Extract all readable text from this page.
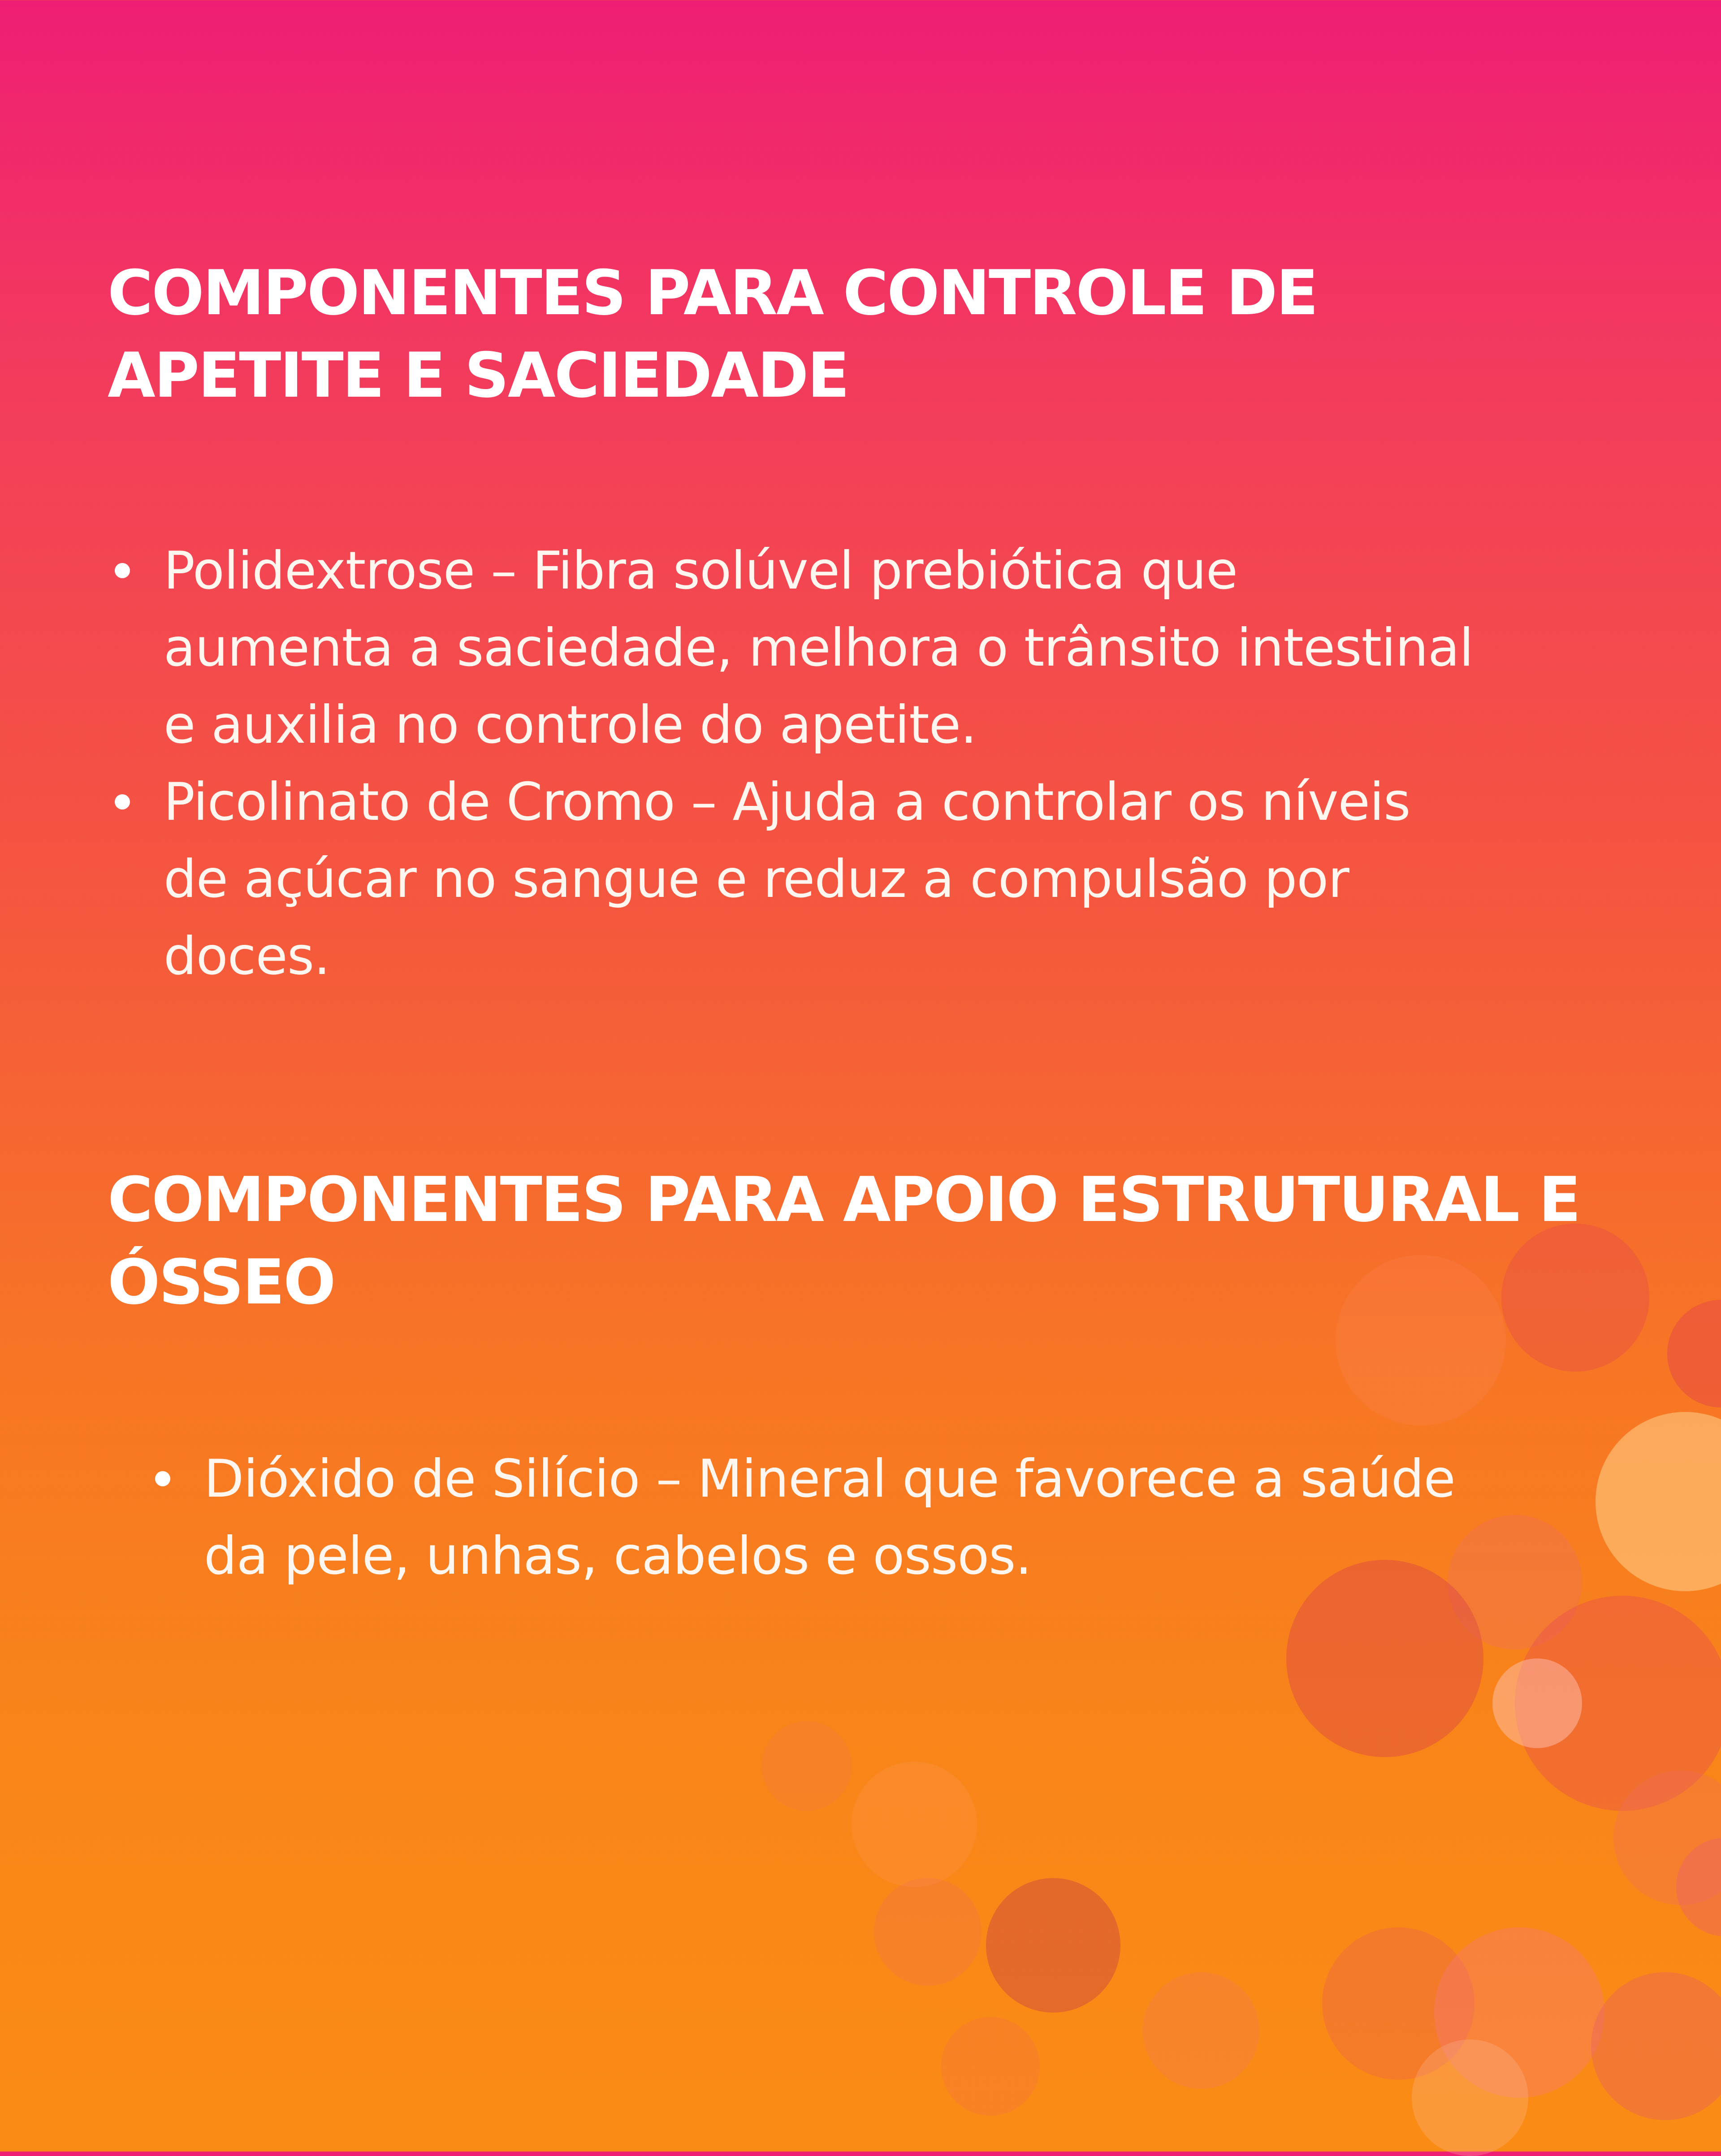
COMPONENTES PARA CONTROLE DE APETITE E SACIEDADE
Polidextrose – Fibra solúvel prebiótica que aumenta a saciedade, melhora o trânsito intestinal e auxilia no controle do apetite.
Picolinato de Cromo – Ajuda a controlar os níveis de açúcar no sangue e reduz a compulsão por doces.
COMPONENTES PARA APOIO ESTRUTURAL E ÓSSEO
Dióxido de Silício – Mineral que favorece a saúde da pele, unhas, cabelos e ossos.
